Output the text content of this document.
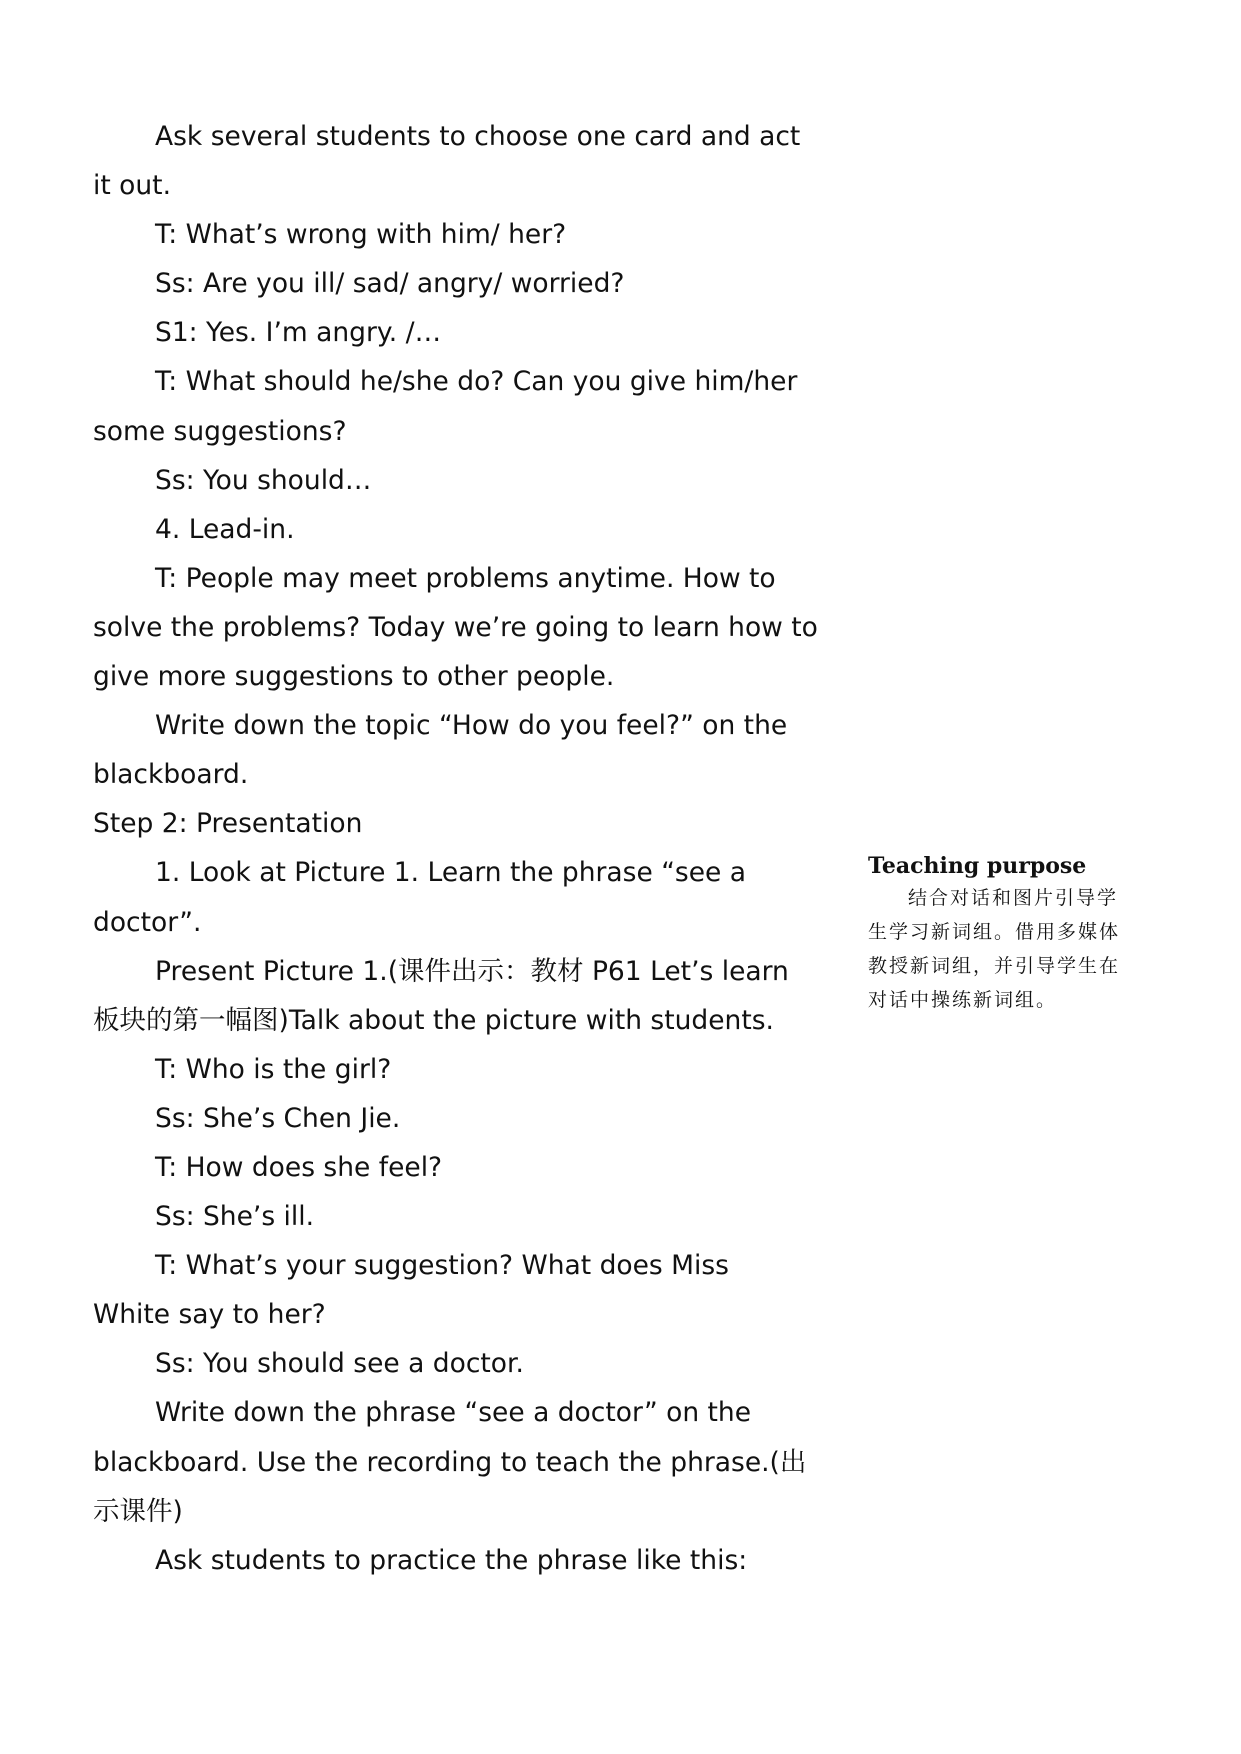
Ask several students to choose one card and act
it out.
T: What’s wrong with him/ her?
Ss: Are you ill/ sad/ angry/ worried?
S1: Yes. I’m angry. /…
T: What should he/she do? Can you give him/her
some suggestions?
Ss: You should…
4. Lead-in.
T: People may meet problems anytime. How to
solve the problems? Today we’re going to learn how to
give more suggestions to other people.
Write down the topic “How do you feel?” on the
blackboard.
Step 2: Presentation
1. Look at Picture 1. Learn the phrase “see a
doctor”.
Present Picture 1.(课件出示：教材 P61 Let’s learn
板块的第一幅图)Talk about the picture with students.
T: Who is the girl?
Ss: She’s Chen Jie.
T: How does she feel?
Ss: She’s ill.
T: What’s your suggestion? What does Miss
White say to her?
Ss: You should see a doctor.
Write down the phrase “see a doctor” on the
blackboard. Use the recording to teach the phrase.(出
示课件)
Ask students to practice the phrase like this:
Teaching purpose
结合对话和图片引导学生学习新词组。借用多媒体教授新词组，并引导学生在对话中操练新词组。
